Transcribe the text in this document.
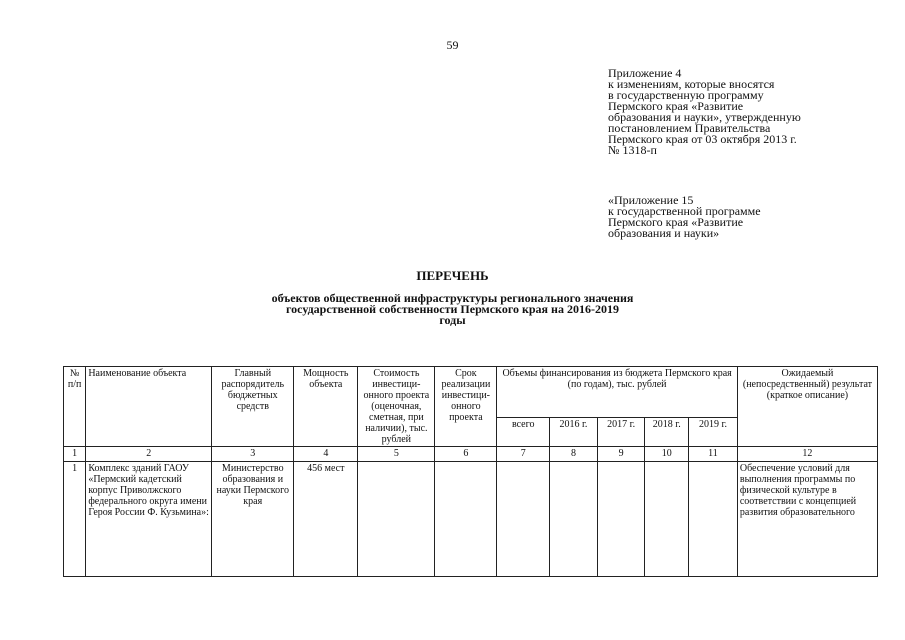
59
Приложение 4
к изменениям, которые вносятся
в государственную программу
Пермского края «Развитие
образования и науки», утвержденную
постановлением Правительства
Пермского края от 03 октября 2013 г.
№ 1318-п
«Приложение 15
к государственной программе
Пермского края «Развитие
образования и науки»
ПЕРЕЧЕНЬ
объектов общественной инфраструктуры регионального значения
государственной собственности Пермского края на 2016-2019
годы
№ п/п	Наименование объекта	Главный распорядитель бюджетных средств	Мощность объекта	Стоимость инвестици-онного проекта (оценочная, сметная, при наличии), тыс. рублей	Срок реализации инвестици-онного проекта	Объемы финансирования из бюджета Пермского края (по годам), тыс. рублей					Ожидаемый (непосредственный) результат (краткое описание)
						всего	2016 г.	2017 г.	2018 г.	2019 г.	
1	2	3	4	5	6	7	8	9	10	11	12
1	Комплекс зданий ГАОУ «Пермский кадетский корпус Приволжского федерального округа имени Героя России Ф. Кузьмина»:	Министерство образования и науки Пермского края	456 мест								Обеспечение условий для выполнения программы по физической культуре в соответствии с концепцией развития образовательного
